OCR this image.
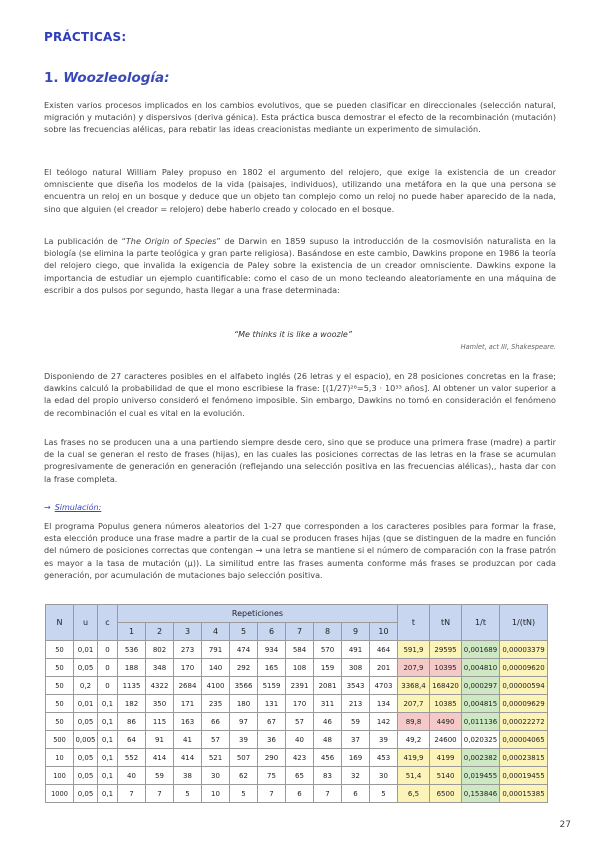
PRÁCTICAS:
1. Woozleología:

Existen varios procesos implicados en los cambios evolutivos, que se pueden clasificar en direccionales (selección natural, migración y mutación) y dispersivos (deriva génica). Esta práctica busca demostrar el efecto de la recombinación (mutación) sobre las frecuencias alélicas, para rebatir las ideas creacionistas mediante un experimento de simulación.

El teólogo natural William Paley propuso en 1802 el argumento del relojero, que exige la existencia de un creador omnisciente que diseña los modelos de la vida (paisajes, individuos), utilizando una metáfora en la que una persona se encuentra un reloj en un bosque y deduce que un objeto tan complejo como un reloj no puede haber aparecido de la nada, sino que alguien (el creador = relojero) debe haberlo creado y colocado en el bosque.

La publicación de “The Origin of Species” de Darwin en 1859 supuso la introducción de la cosmovisión naturalista en la biología (se elimina la parte teológica y gran parte religiosa). Basándose en este cambio, Dawkins propone en 1986 la teoría del relojero ciego, que invalida la exigencia de Paley sobre la existencia de un creador omnisciente. Dawkins expone la importancia de estudiar un ejemplo cuantificable: como el caso de un mono tecleando aleatoriamente en una máquina de escribir a dos pulsos por segundo, hasta llegar a una frase determinada:

“Me thinks it is like a woozle”
Hamlet, act III, Shakespeare.

Disponiendo de 27 caracteres posibles en el alfabeto inglés (26 letras y el espacio), en 28 posiciones concretas en la frase; dawkins calculó la probabilidad de que el mono escribiese la frase: [(1/27)²⁸=5,3 · 10³³ años]. Al obtener un valor superior a la edad del propio universo consideró el fenómeno imposible. Sin embargo, Dawkins no tomó en consideración el fenómeno de recombinación el cual es vital en la evolución.

Las frases no se producen una a una partiendo siempre desde cero, sino que se produce una primera frase (madre) a partir de la cual se generan el resto de frases (hijas), en las cuales las posiciones correctas de las letras en la frase se acumulan progresivamente de generación en generación (reflejando una selección positiva en las frecuencias alélicas),, hasta dar con la frase completa.

→ Simulación:

El programa Populus genera números aleatorios del 1-27 que corresponden a los caracteres posibles para formar la frase, esta elección produce una frase madre a partir de la cual se producen frases hijas (que se distinguen de la madre en función del número de posiciones correctas que contengan → una letra se mantiene si el número de comparación con la frase patrón es mayor a la tasa de mutación (μ)). La similitud entre las frases aumenta conforme más frases se produzcan por cada generación, por acumulación de mutaciones bajo selección positiva.

N	u	c	Repeticiones										t	tN	1/t	1/(tN)
			1	2	3	4	5	6	7	8	9	10				
50	0,01	0	536	802	273	791	474	934	584	570	491	464	591,9	29595	0,001689	0,00003379
50	0,05	0	188	348	170	140	292	165	108	159	308	201	207,9	10395	0,004810	0,00009620
50	0,2	0	1135	4322	2684	4100	3566	5159	2391	2081	3543	4703	3368,4	168420	0,000297	0,00000594
50	0,01	0,1	182	350	171	235	180	131	170	311	213	134	207,7	10385	0,004815	0,00009629
50	0,05	0,1	86	115	163	66	97	67	57	46	59	142	89,8	4490	0,011136	0,00022272
500	0,005	0,1	64	91	41	57	39	36	40	48	37	39	49,2	24600	0,020325	0,00004065
10	0,05	0,1	552	414	414	521	507	290	423	456	169	453	419,9	4199	0,002382	0,00023815
100	0,05	0,1	40	59	38	30	62	75	65	83	32	30	51,4	5140	0,019455	0,00019455
1000	0,05	0,1	7	7	5	10	5	7	6	7	6	5	6,5	6500	0,153846	0,00015385
27
